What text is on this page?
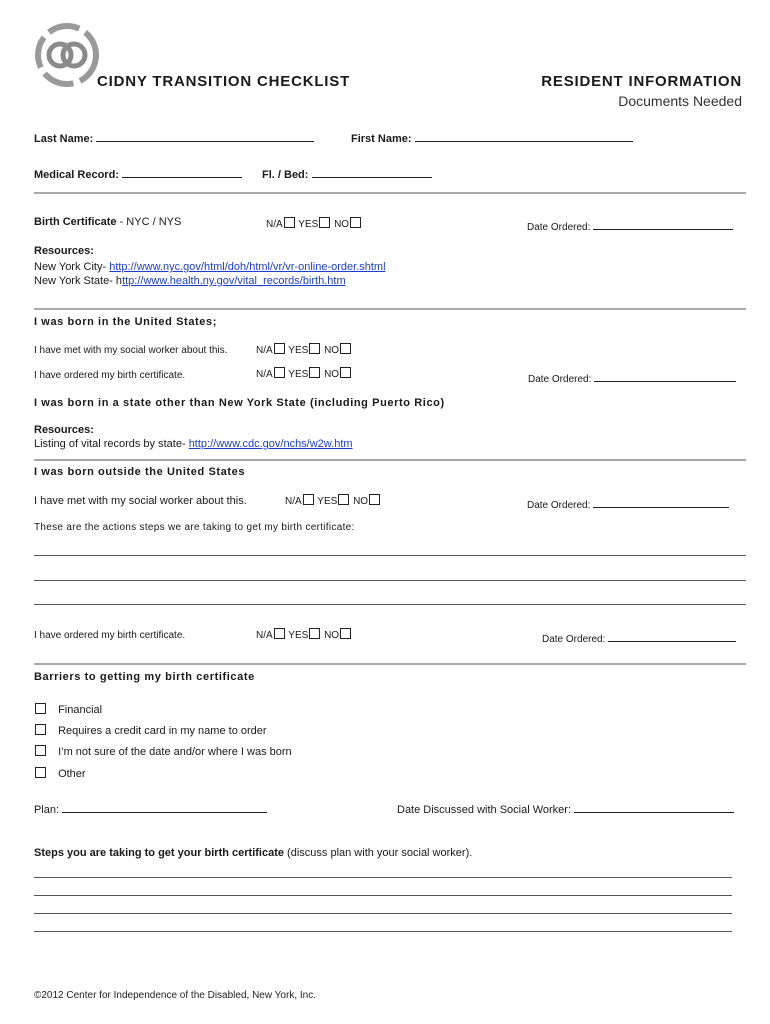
CIDNY TRANSITION CHECKLIST	RESIDENT INFORMATION
Documents Needed
Last Name:	First Name:
Medical Record:	Fl. / Bed:
Birth Certificate - NYC / NYS	N/A YES NO	Date Ordered:
Resources:
New York City- http://www.nyc.gov/html/doh/html/vr/vr-online-order.shtml
New York State- http://www.health.ny.gov/vital_records/birth.htm
I was born in the United States;
I have met with my social worker about this.	N/A YES NO
I have ordered my birth certificate.	N/A YES NO	Date Ordered:
I was born in a state other than New York State (including Puerto Rico)
Resources:
Listing of vital records by state- http://www.cdc.gov/nchs/w2w.htm
I was born outside the United States
I have met with my social worker about this.	N/A YES NO	Date Ordered:
These are the actions steps we are taking to get my birth certificate:
I have ordered my birth certificate.	N/A YES NO	Date Ordered:
Barriers to getting my birth certificate
Financial
Requires a credit card in my name to order
I’m not sure of the date and/or where I was born
Other
Plan:	Date Discussed with Social Worker:
Steps you are taking to get your birth certificate (discuss plan with your social worker).
©2012 Center for Independence of the Disabled, New York, Inc.
